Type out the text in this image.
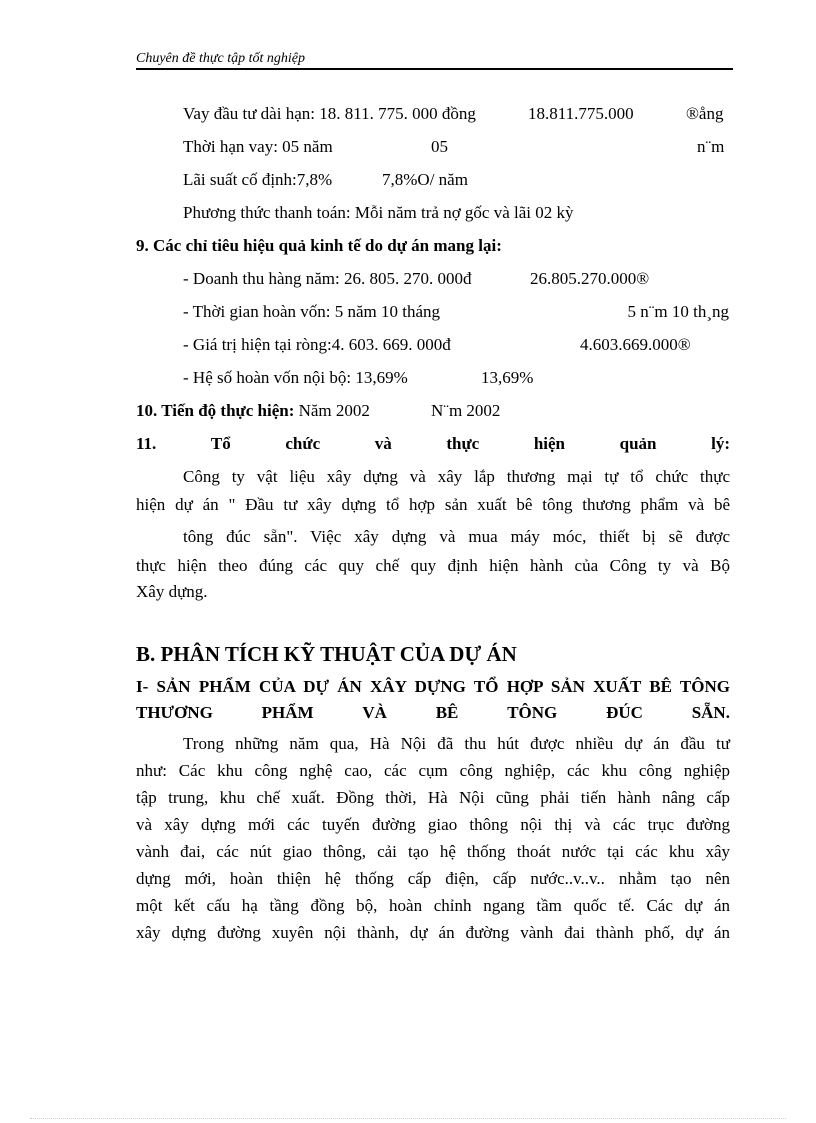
Chuyên đề thực tập tốt nghiệp
Vay đầu tư dài hạn: 18. 811. 775. 000 đồng	18.811.775.000	®ång
Thời hạn vay: 05 năm	05	n¨m
Lãi suất cố định:7,8%	7,8%O/ năm
Phương thức thanh toán: Mỗi năm trả nợ gốc và lãi 02 kỳ
9. Các chỉ tiêu hiệu quả kinh tế do dự án mang lại:
- Doanh thu hàng năm: 26. 805. 270. 000đ	26.805.270.000®
- Thời gian hoàn vốn: 5 năm 10 tháng	5 n¨m 10 th¸ng
- Giá trị hiện tại ròng:4. 603. 669. 000đ	4.603.669.000®
- Hệ số hoàn vốn nội bộ: 13,69%	13,69%
10. Tiến độ thực hiện: Năm 2002	N¨m 2002
11.	Tổ	chức	và	thực	hiện	quản	lý:
Công ty vật liệu xây dựng và xây lắp thương mại tự tổ chức thực
hiện dự án " Đầu tư xây dựng tổ hợp sản xuất bê tông thương phẩm và bê
tông đúc sẵn". Việc xây dựng và mua máy móc, thiết bị sẽ được
thực hiện theo đúng các quy chế quy định hiện hành của Công ty và Bộ
Xây dựng.
B. PHÂN TÍCH KỸ THUẬT CỦA DỰ ÁN
I- SẢN PHẨM CỦA DỰ ÁN XÂY DỰNG TỔ HỢP SẢN XUẤT BÊ TÔNG
THƯƠNG	PHẨM	VÀ	BÊ	TÔNG	ĐÚC	SẴN.
Trong những năm qua, Hà Nội đã thu hút được nhiều dự án đầu tư
như: Các khu công nghệ cao, các cụm công nghiệp, các khu công nghiệp
tập trung, khu chế xuất. Đồng thời, Hà Nội cũng phải tiến hành nâng cấp
và xây dựng mới các tuyến đường giao thông nội thị và các trục đường
vành đai, các nút giao thông, cải tạo hệ thống thoát nước tại các khu xây
dựng mới, hoàn thiện hệ thống cấp điện, cấp nước..v..v.. nhằm tạo nên
một kết cấu hạ tầng đồng bộ, hoàn chỉnh ngang tầm quốc tế. Các dự án
xây dựng đường xuyên nội thành, dự án đường vành đai thành phố, dự án
